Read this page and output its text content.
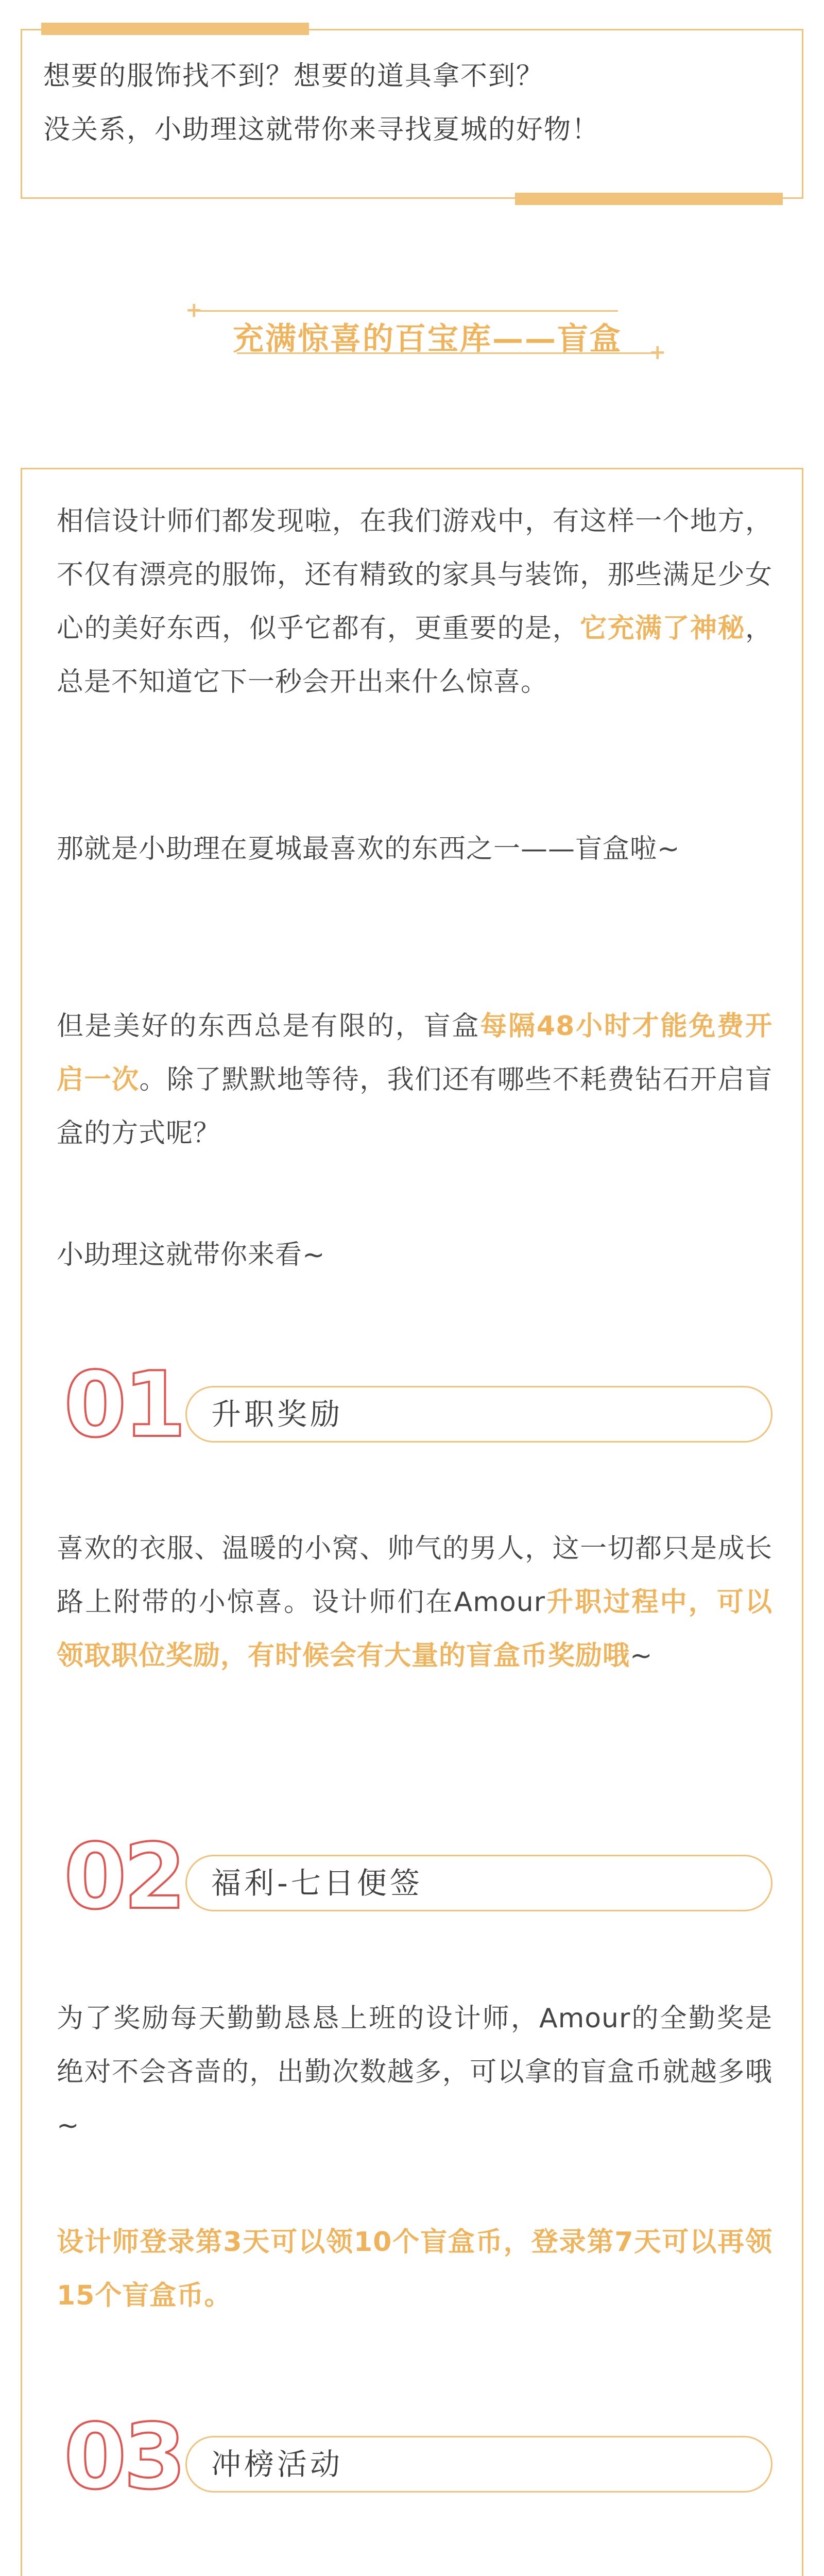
想要的服饰找不到？想要的道具拿不到？
没关系，小助理这就带你来寻找夏城的好物！
+
+
充满惊喜的百宝库——盲盒
相信设计师们都发现啦，在我们游戏中，有这样一个地方，不仅有漂亮的服饰，还有精致的家具与装饰，那些满足少女心的美好东西，似乎它都有，更重要的是，它充满了神秘，总是不知道它下一秒会开出来什么惊喜。
那就是小助理在夏城最喜欢的东西之一——盲盒啦~
但是美好的东西总是有限的，盲盒每隔48小时才能免费开启一次。除了默默地等待，我们还有哪些不耗费钻石开启盲盒的方式呢？
小助理这就带你来看~
01 升职奖励
喜欢的衣服、温暖的小窝、帅气的男人，这一切都只是成长路上附带的小惊喜。设计师们在Amour升职过程中，可以领取职位奖励，有时候会有大量的盲盒币奖励哦~
02 福利-七日便签
为了奖励每天勤勤恳恳上班的设计师，Amour的全勤奖是绝对不会吝啬的，出勤次数越多，可以拿的盲盒币就越多哦~
设计师登录第3天可以领10个盲盒币，登录第7天可以再领15个盲盒币。
03 冲榜活动
